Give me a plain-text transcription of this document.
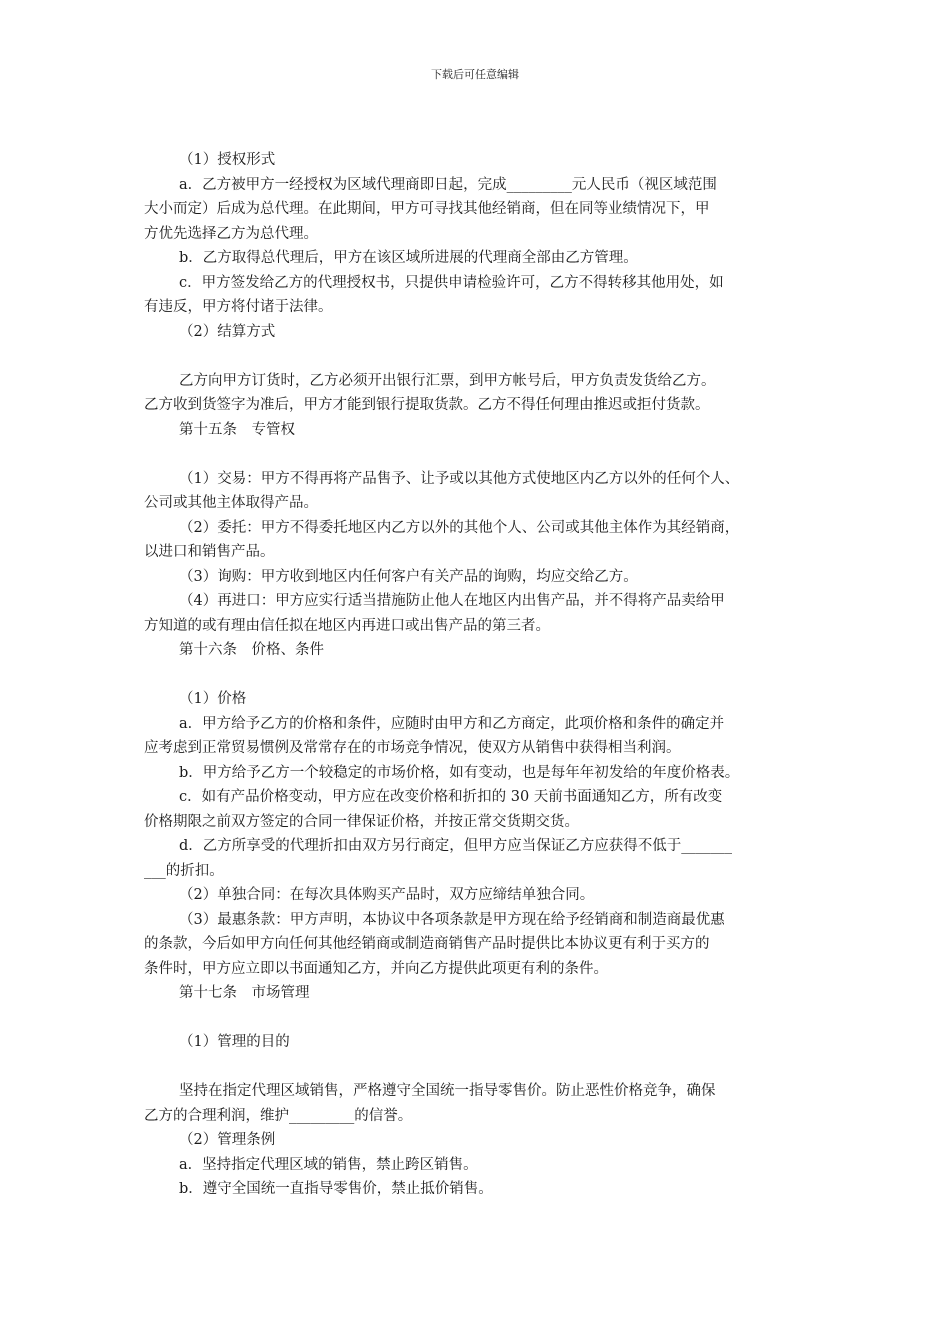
下载后可任意编辑
（1）授权形式
a．乙方被甲方一经授权为区域代理商即日起，完成_________元人民币（视区域范围
大小而定）后成为总代理。在此期间，甲方可寻找其他经销商，但在同等业绩情况下，甲
方优先选择乙方为总代理。
b．乙方取得总代理后，甲方在该区域所进展的代理商全部由乙方管理。
c．甲方签发给乙方的代理授权书，只提供申请检验许可，乙方不得转移其他用处，如
有违反，甲方将付诸于法律。
（2）结算方式
乙方向甲方订货时，乙方必须开出银行汇票，到甲方帐号后，甲方负责发货给乙方。
乙方收到货签字为准后，甲方才能到银行提取货款。乙方不得任何理由推迟或拒付货款。
第十五条　专管权
（1）交易：甲方不得再将产品售予、让予或以其他方式使地区内乙方以外的任何个人、
公司或其他主体取得产品。
（2）委托：甲方不得委托地区内乙方以外的其他个人、公司或其他主体作为其经销商，
以进口和销售产品。
（3）询购：甲方收到地区内任何客户有关产品的询购，均应交给乙方。
（4）再进口：甲方应实行适当措施防止他人在地区内出售产品，并不得将产品卖给甲
方知道的或有理由信任拟在地区内再进口或出售产品的第三者。
第十六条　价格、条件
（1）价格
a．甲方给予乙方的价格和条件，应随时由甲方和乙方商定，此项价格和条件的确定并
应考虑到正常贸易惯例及常常存在的市场竞争情况，使双方从销售中获得相当利润。
b．甲方给予乙方一个较稳定的市场价格，如有变动，也是每年年初发给的年度价格表。
c．如有产品价格变动，甲方应在改变价格和折扣的 30 天前书面通知乙方，所有改变
价格期限之前双方签定的合同一律保证价格，并按正常交货期交货。
d．乙方所享受的代理折扣由双方另行商定，但甲方应当保证乙方应获得不低于_______
___的折扣。
（2）单独合同：在每次具体购买产品时，双方应缔结单独合同。
（3）最惠条款：甲方声明，本协议中各项条款是甲方现在给予经销商和制造商最优惠
的条款，今后如甲方向任何其他经销商或制造商销售产品时提供比本协议更有利于买方的
条件时，甲方应立即以书面通知乙方，并向乙方提供此项更有利的条件。
第十七条　市场管理
（1）管理的目的
坚持在指定代理区域销售，严格遵守全国统一指导零售价。防止恶性价格竞争，确保
乙方的合理利润，维护_________的信誉。
（2）管理条例
a．坚持指定代理区域的销售，禁止跨区销售。
b．遵守全国统一直指导零售价，禁止抵价销售。
